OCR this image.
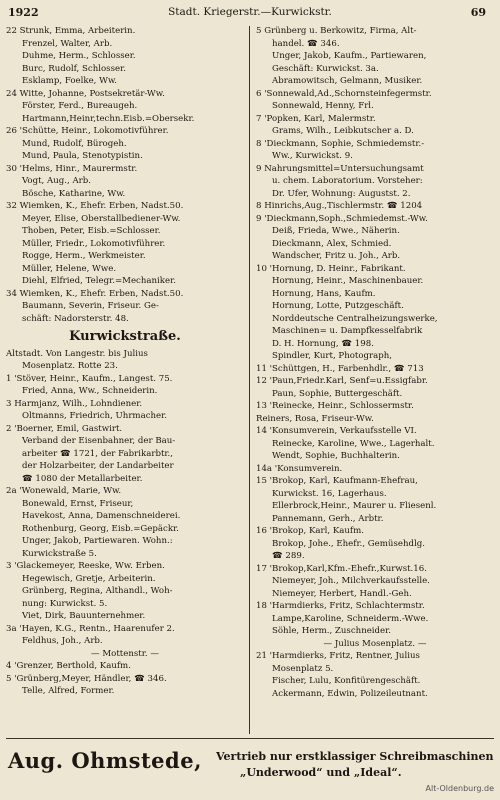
1922	Stadt. Kriegerstr.—Kurwickstr.	69
22 Strunk, Emma, Arbeiterin.
Frenzel, Walter, Arb.
Duhme, Herm., Schlosser.
Burc, Rudolf, Schlosser.
Esklamp, Foelke, Ww.
24 Witte, Johanne, Postsekretär-Ww.
Förster, Ferd., Bureaugeh.
Hartmann,Heinr,techn.Eisb.=Obersekr.
26 'Schütte, Heinr., Lokomotivführer.
Mund, Rudolf, Bürogeh.
Mund, Paula, Stenotypistin.
30 'Helms, Hinr., Maurermstr.
Vogt, Aug., Arb.
Bösche, Katharine, Ww.
32 Wiemken, K., Ehefr. Erben, Nadst.50.
Meyer, Elise, Oberstallbediener-Ww.
Thoben, Peter, Eisb.=Schlosser.
Müller, Friedr., Lokomotivführer.
Rogge, Herm., Werkmeister.
Müller, Helene, Wwe.
Diehl, Elfried, Telegr.=Mechaniker.
34 Wiemken, K., Ehefr. Erben, Nadst.50.
Baumann, Severin, Friseur. Ge-
schäft: Nadorsterstr. 48.
Kurwickstraße.
Altstadt. Von Langestr. bis Julius
Mosenplatz. Rotte 23.
1 'Stöver, Heinr., Kaufm., Langest. 75.
Fried, Anna, Ww., Schneiderin.
3 Harmjanz, Wilh., Lohndiener.
Oltmanns, Friedrich, Uhrmacher.
2 'Boerner, Emil, Gastwirt.
Verband der Eisenbahner, der Bau-
arbeiter ☎ 1721, der Fabrikarbtr.,
der Holzarbeiter, der Landarbeiter
☎ 1080 der Metallarbeiter.
2a 'Wonewald, Marie, Ww.
Bonewald, Ernst, Friseur,
Havekost, Anna, Damenschneiderei.
Rothenburg, Georg, Eisb.=Gepäckr.
Unger, Jakob, Partiewaren. Wohn.:
Kurwickstraße 5.
3 'Glackemeyer, Reeske, Ww. Erben.
Hegewisch, Gretje, Arbeiterin.
Grünberg, Regina, Althandl., Woh-
nung: Kurwickst. 5.
Viet, Dirk, Bauunternehmer.
3a 'Hayen, K.G., Rentn., Haarenufer 2.
Feldhus, Joh., Arb.
— Mottenstr. —
4 'Grenzer, Berthold, Kaufm.
5 'Grünberg,Meyer, Händler, ☎ 346.
Telle, Alfred, Former.
5 Grünberg u. Berkowitz, Firma, Alt-
handel. ☎ 346.
Unger, Jakob, Kaufm., Partiewaren,
Geschäft: Kurwickst. 3a.
Abramowitsch, Gelmann, Musiker.
6 'Sonnewald,Ad.,Schornsteinfegermstr.
Sonnewald, Henny, Frl.
7 'Popken, Karl, Malermstr.
Grams, Wilh., Leibkutscher a. D.
8 'Dieckmann, Sophie, Schmiedemstr.-
Ww., Kurwickst. 9.
9 Nahrungsmittel=Untersuchungsamt
u. chem. Laboratorium. Vorsteher:
Dr. Ufer, Wohnung: Augustst. 2.
8 Hinrichs,Aug.,Tischlermstr. ☎ 1204
9 'Dieckmann,Soph.,Schmiedemst.-Ww.
Deiß, Frieda, Wwe., Näherin.
Dieckmann, Alex, Schmied.
Wandscher, Fritz u. Joh., Arb.
10 'Hornung, D. Heinr., Fabrikant.
Hornung, Heinr., Maschinenbauer.
Hornung, Hans, Kaufm.
Hornung, Lotte, Putzgeschäft.
Norddeutsche Centralheizungswerke,
Maschinen= u. Dampfkesselfabrik
D. H. Hornung, ☎ 198.
Spindler, Kurt, Photograph,
11 'Schüttgen, H., Farbenhdlr., ☎ 713
12 'Paun,Friedr.Karl, Senf=u.Essigfabr.
Paun, Sophie, Buttergeschäft.
13 'Reinecke, Heinr., Schlossermstr.
Reiners, Rosa, Friseur-Ww.
14 'Konsumverein, Verkaufsstelle VI.
Reinecke, Karoline, Wwe., Lagerhalt.
Wendt, Sophie, Buchhalterin.
14a 'Konsumverein.
15 'Brokop, Karl, Kaufmann-Ehefrau,
Kurwickst. 16, Lagerhaus.
Ellerbrock,Heinr., Maurer u. Fliesenl.
Pannemann, Gerh., Arbtr.
16 'Brokop, Karl, Kaufm.
Brokop, Johe., Ehefr., Gemüsehdlg.
☎ 289.
17 'Brokop,Karl,Kfm.-Ehefr.,Kurwst.16.
Niemeyer, Joh., Milchverkaufsstelle.
Niemeyer, Herbert, Handl.-Geh.
18 'Harmdierks, Fritz, Schlachtermstr.
Lampe,Karoline, Schneiderm.-Wwe.
Söhle, Herm., Zuschneider.
— Julius Mosenplatz. —
21 'Harmdierks, Fritz, Rentner, Julius
Mosenplatz 5.
Fischer, Lulu, Konfitürengeschäft.
Ackermann, Edwin, Polizeileutnant.
Aug. Ohmstede, Vertrieb nur erstklassiger Schreibmaschinen
„Underwood“ und „Ideal“.
Alt-Oldenburg.de
